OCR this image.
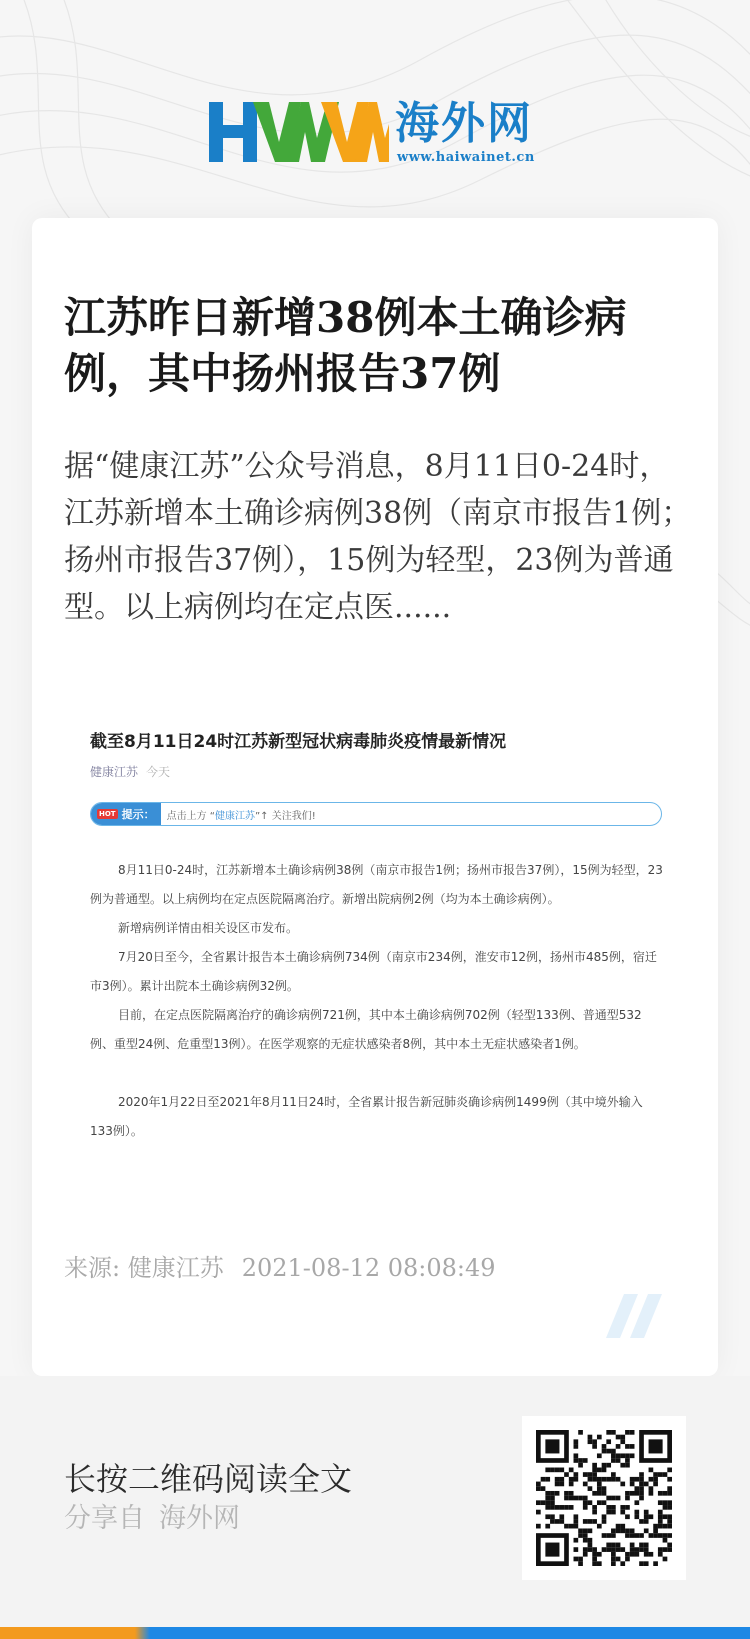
海外网
www.haiwainet.cn
江苏昨日新增38例本土确诊病例，其中扬州报告37例
据“健康江苏”公众号消息，8月11日0-24时，江苏新增本土确诊病例38例（南京市报告1例；扬州市报告37例），15例为轻型，23例为普通型。以上病例均在定点医......
截至8月11日24时江苏新型冠状病毒肺炎疫情最新情况
健康江苏 今天
HOT 提示： 点击上方 “健康江苏”↑ 关注我们!

8月11日0-24时，江苏新增本土确诊病例38例（南京市报告1例；扬州市报告37例），15例为轻型，23例为普通型。以上病例均在定点医院隔离治疗。新增出院病例2例（均为本土确诊病例）。

新增病例详情由相关设区市发布。

7月20日至今，全省累计报告本土确诊病例734例（南京市234例，淮安市12例，扬州市485例，宿迁市3例）。累计出院本土确诊病例32例。

目前，在定点医院隔离治疗的确诊病例721例，其中本土确诊病例702例（轻型133例、普通型532例、重型24例、危重型13例）。在医学观察的无症状感染者8例，其中本土无症状感染者1例。

2020年1月22日至2021年8月11日24时，全省累计报告新冠肺炎确诊病例1499例（其中境外输入133例）。

来源: 健康江苏 2021-08-12 08:08:49
长按二维码阅读全文
分享自 海外网
